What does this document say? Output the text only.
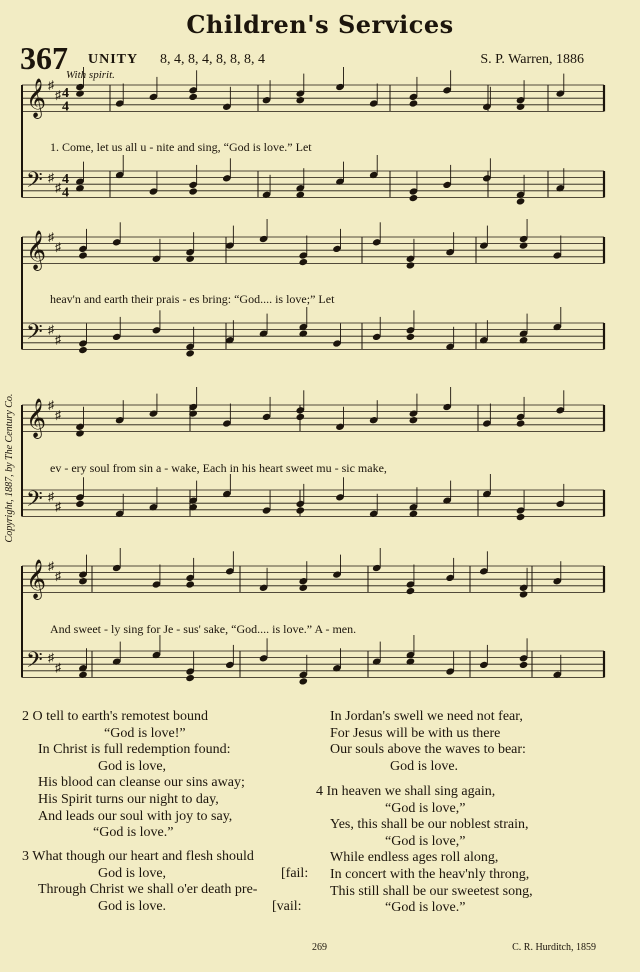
Children's Services
367 UNITY 8, 4, 8, 4, 8, 8, 8, 4	S. P. Warren, 1886
With spirit.
Copyright, 1887, by The Century Co.
𝄞 ♯
♯ 4
4
𝄢 ♯
♯
4
4
𝄞 ♯
♯
𝄢 ♯
♯
𝄞 ♯
♯
𝄢 ♯
♯
𝄞 ♯
♯
𝄢 ♯
♯
1. Come, let us all u - nite and sing, “God is love.” Let
heav'n and earth their prais - es bring: “God.... is love;” Let
ev - ery soul from sin a - wake, Each in his heart sweet mu - sic make,
And sweet - ly sing for Je - sus' sake, “God.... is love.” A - men.
2 O tell to earth's remotest bound
“God is love!”
In Christ is full redemption found:
God is love,
His blood can cleanse our sins away;
His Spirit turns our night to day,
And leads our soul with joy to say,
“God is love.”
3 What though our heart and flesh should
God is love,
Through Christ we shall o'er death pre-
God is love.
[fail:
[vail:
In Jordan's swell we need not fear,
For Jesus will be with us there
Our souls above the waves to bear:
God is love.
4 In heaven we shall sing again,
“God is love,”
Yes, this shall be our noblest strain,
“God is love,”
While endless ages roll along,
In concert with the heav'nly throng,
This still shall be our sweetest song,
“God is love.”
269	C. R. Hurditch, 1859
